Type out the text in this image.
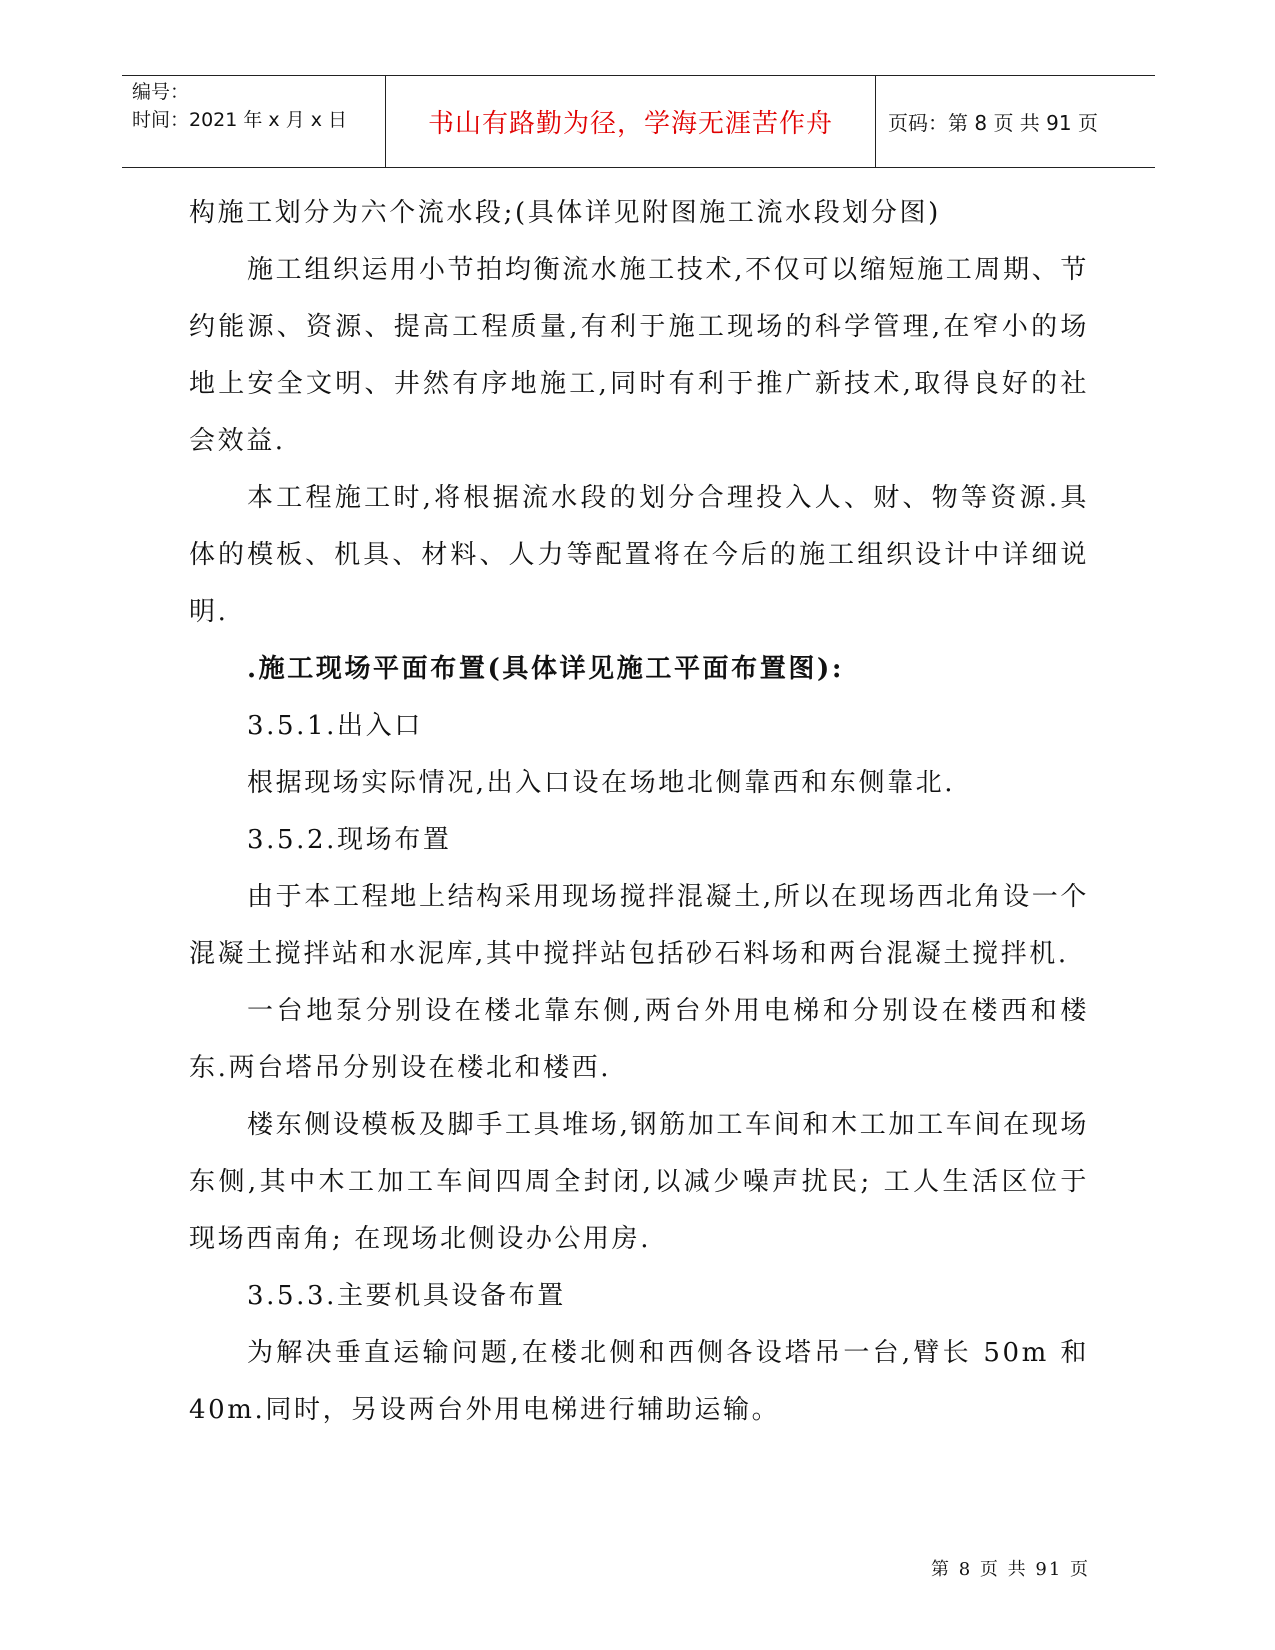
编号：
时间：2021 年 x 月 x 日	书山有路勤为径，学海无涯苦作舟	页码：第 8 页 共 91 页

构施工划分为六个流水段;(具体详见附图施工流水段划分图)

施工组织运用小节拍均衡流水施工技术,不仅可以缩短施工周期、节约能源、资源、提高工程质量,有利于施工现场的科学管理,在窄小的场地上安全文明、井然有序地施工,同时有利于推广新技术,取得良好的社会效益.

本工程施工时,将根据流水段的划分合理投入人、财、物等资源.具体的模板、机具、材料、人力等配置将在今后的施工组织设计中详细说明.

.施工现场平面布置(具体详见施工平面布置图):

3.5.1.出入口

根据现场实际情况,出入口设在场地北侧靠西和东侧靠北.

3.5.2.现场布置

由于本工程地上结构采用现场搅拌混凝土,所以在现场西北角设一个混凝土搅拌站和水泥库,其中搅拌站包括砂石料场和两台混凝土搅拌机.

一台地泵分别设在楼北靠东侧,两台外用电梯和分别设在楼西和楼东.两台塔吊分别设在楼北和楼西.

楼东侧设模板及脚手工具堆场,钢筋加工车间和木工加工车间在现场东侧,其中木工加工车间四周全封闭,以减少噪声扰民; 工人生活区位于现场西南角; 在现场北侧设办公用房.

3.5.3.主要机具设备布置

为解决垂直运输问题,在楼北侧和西侧各设塔吊一台,臂长 50m 和 40m.同时，另设两台外用电梯进行辅助运输。

第 8 页 共 91 页
